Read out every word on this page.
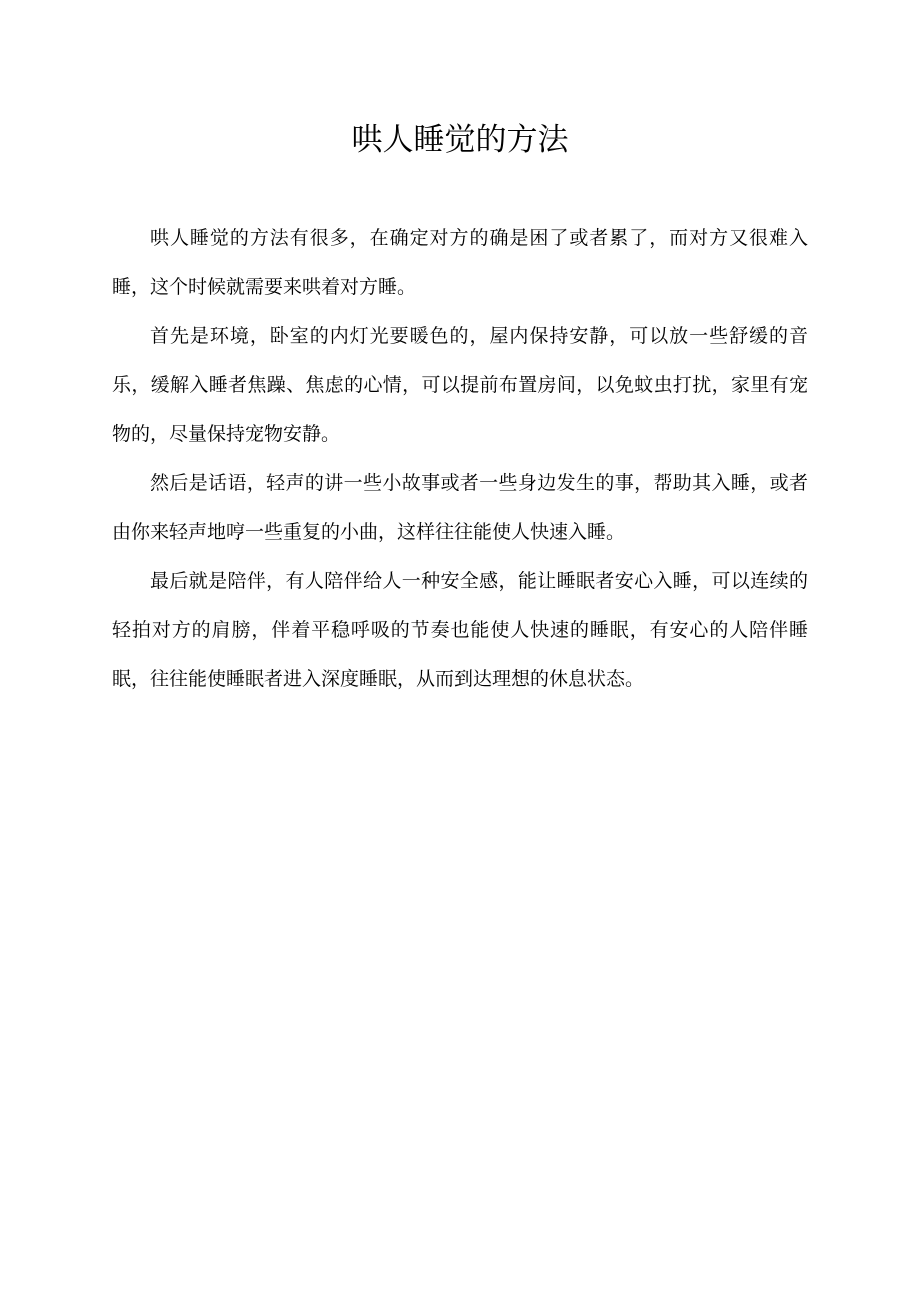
哄人睡觉的方法

哄人睡觉的方法有很多，在确定对方的确是困了或者累了，而对方又很难入睡，这个时候就需要来哄着对方睡。

首先是环境，卧室的内灯光要暖色的，屋内保持安静，可以放一些舒缓的音乐，缓解入睡者焦躁、焦虑的心情，可以提前布置房间，以免蚊虫打扰，家里有宠物的，尽量保持宠物安静。

然后是话语，轻声的讲一些小故事或者一些身边发生的事，帮助其入睡，或者由你来轻声地哼一些重复的小曲，这样往往能使人快速入睡。

最后就是陪伴，有人陪伴给人一种安全感，能让睡眠者安心入睡，可以连续的轻拍对方的肩膀，伴着平稳呼吸的节奏也能使人快速的睡眠，有安心的人陪伴睡眠，往往能使睡眠者进入深度睡眠，从而到达理想的休息状态。
